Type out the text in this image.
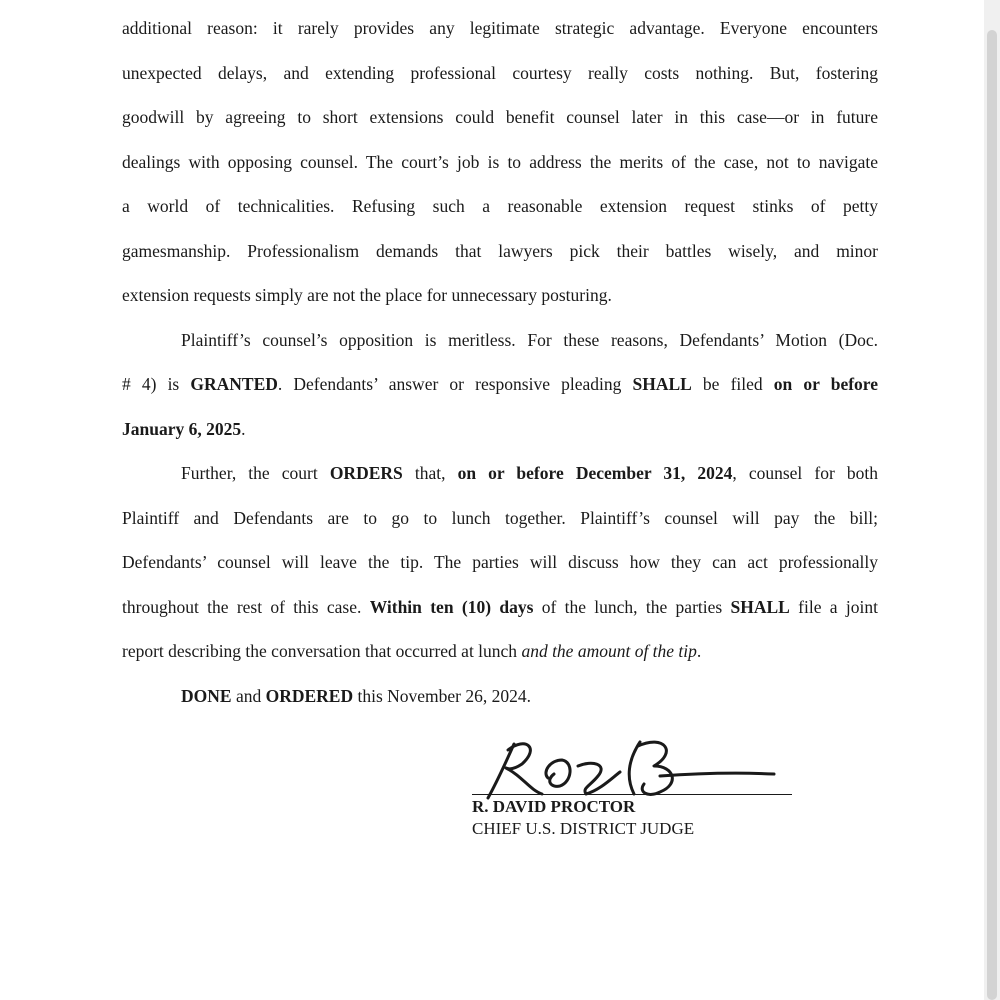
additional reason: it rarely provides any legitimate strategic advantage. Everyone encounters
unexpected delays, and extending professional courtesy really costs nothing. But, fostering
goodwill by agreeing to short extensions could benefit counsel later in this case—or in future
dealings with opposing counsel. The court’s job is to address the merits of the case, not to navigate
a world of technicalities. Refusing such a reasonable extension request stinks of petty
gamesmanship. Professionalism demands that lawyers pick their battles wisely, and minor
extension requests simply are not the place for unnecessary posturing.
Plaintiff’s counsel’s opposition is meritless. For these reasons, Defendants’ Motion (Doc.
# 4) is GRANTED. Defendants’ answer or responsive pleading SHALL be filed on or before
January 6, 2025.
Further, the court ORDERS that, on or before December 31, 2024, counsel for both
Plaintiff and Defendants are to go to lunch together. Plaintiff’s counsel will pay the bill;
Defendants’ counsel will leave the tip. The parties will discuss how they can act professionally
throughout the rest of this case. Within ten (10) days of the lunch, the parties SHALL file a joint
report describing the conversation that occurred at lunch and the amount of the tip.
DONE and ORDERED this November 26, 2024.
R. DAVID PROCTOR
CHIEF U.S. DISTRICT JUDGE
